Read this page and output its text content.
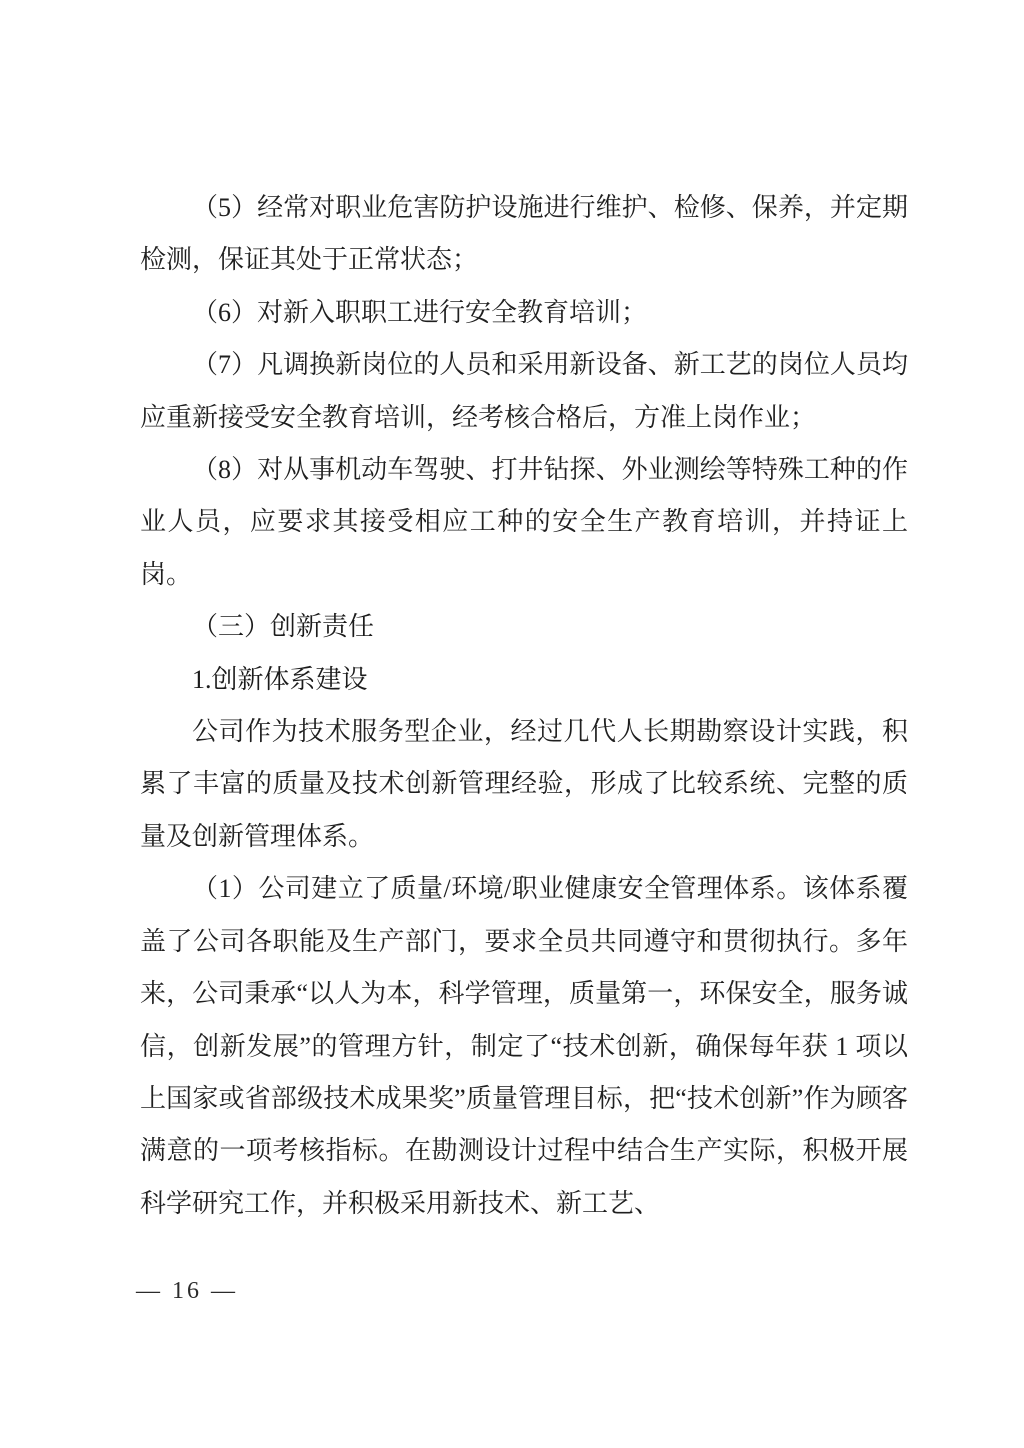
（5）经常对职业危害防护设施进行维护、检修、保养，并定期检测，保证其处于正常状态；

（6）对新入职职工进行安全教育培训；

（7）凡调换新岗位的人员和采用新设备、新工艺的岗位人员均应重新接受安全教育培训，经考核合格后，方准上岗作业；

（8）对从事机动车驾驶、打井钻探、外业测绘等特殊工种的作业人员，应要求其接受相应工种的安全生产教育培训，并持证上岗。

（三）创新责任

1.创新体系建设

公司作为技术服务型企业，经过几代人长期勘察设计实践，积累了丰富的质量及技术创新管理经验，形成了比较系统、完整的质量及创新管理体系。

（1）公司建立了质量/环境/职业健康安全管理体系。该体系覆盖了公司各职能及生产部门，要求全员共同遵守和贯彻执行。多年来，公司秉承“以人为本，科学管理，质量第一，环保安全，服务诚信，创新发展”的管理方针，制定了“技术创新，确保每年获 1 项以上国家或省部级技术成果奖”质量管理目标，把“技术创新”作为顾客满意的一项考核指标。在勘测设计过程中结合生产实际，积极开展科学研究工作，并积极采用新技术、新工艺、

— 16 —
